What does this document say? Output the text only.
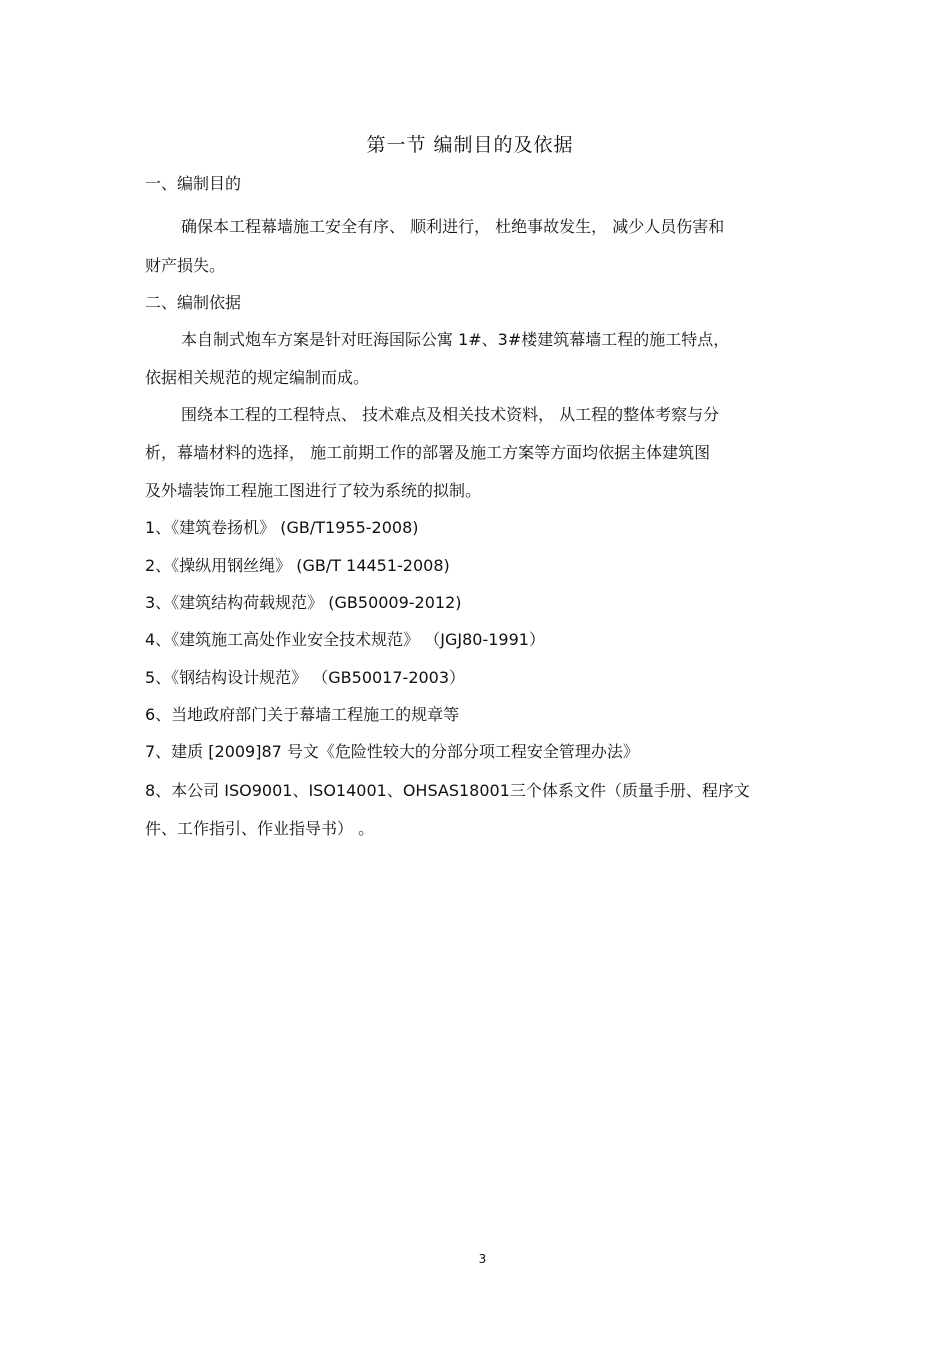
第一节 编制目的及依据
一、编制目的
确保本工程幕墙施工安全有序、 顺利进行， 杜绝事故发生， 减少人员伤害和
财产损失。
二、编制依据
本自制式炮车方案是针对旺海国际公寓 1#、3#楼建筑幕墙工程的施工特点，
依据相关规范的规定编制而成。
围绕本工程的工程特点、 技术难点及相关技术资料， 从工程的整体考察与分
析，幕墙材料的选择， 施工前期工作的部署及施工方案等方面均依据主体建筑图
及外墙装饰工程施工图进行了较为系统的拟制。
1、《建筑卷扬机》 (GB/T1955-2008)
2、《操纵用钢丝绳》 (GB/T 14451-2008)
3、《建筑结构荷载规范》 (GB50009-2012)
4、《建筑施工高处作业安全技术规范》 （JGJ80-1991）
5、《钢结构设计规范》 （GB50017-2003）
6、当地政府部门关于幕墙工程施工的规章等
7、建质 [2009]87 号文《危险性较大的分部分项工程安全管理办法》
8、本公司 ISO9001、ISO14001、OHSAS18001三个体系文件（质量手册、程序文
件、工作指引、作业指导书） 。
3
